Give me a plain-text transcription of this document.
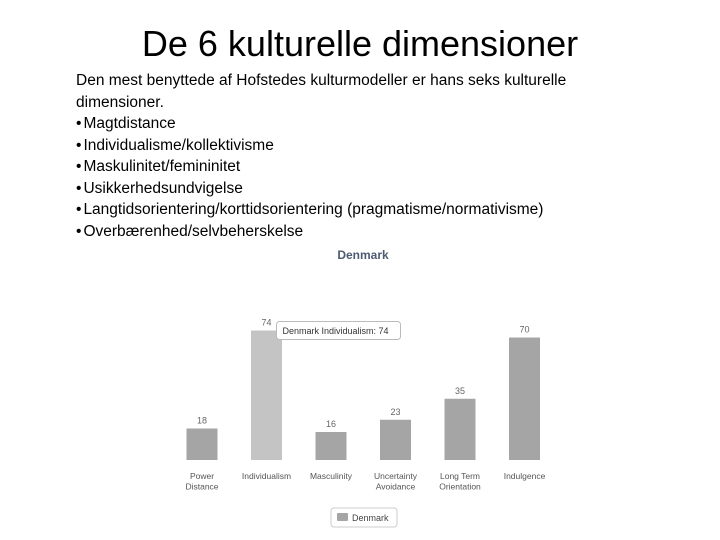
De 6 kulturelle dimensioner
Den mest benyttede af Hofstedes kulturmodeller er hans seks kulturelle
dimensioner.
• Magtdistance
• Individualisme/kollektivisme
• Maskulinitet/femininitet
• Usikkerhedsundvigelse
• Langtidsorientering/korttidsorientering (pragmatisme/normativisme)
• Overbærenhed/selvbeherskelse
Denmark
18
Power
Distance
74
Individualism
16
Masculinity
23
Uncertainty
Avoidance
35
Long Term
Orientation
70
Indulgence
Denmark Individualism: 74
Denmark
